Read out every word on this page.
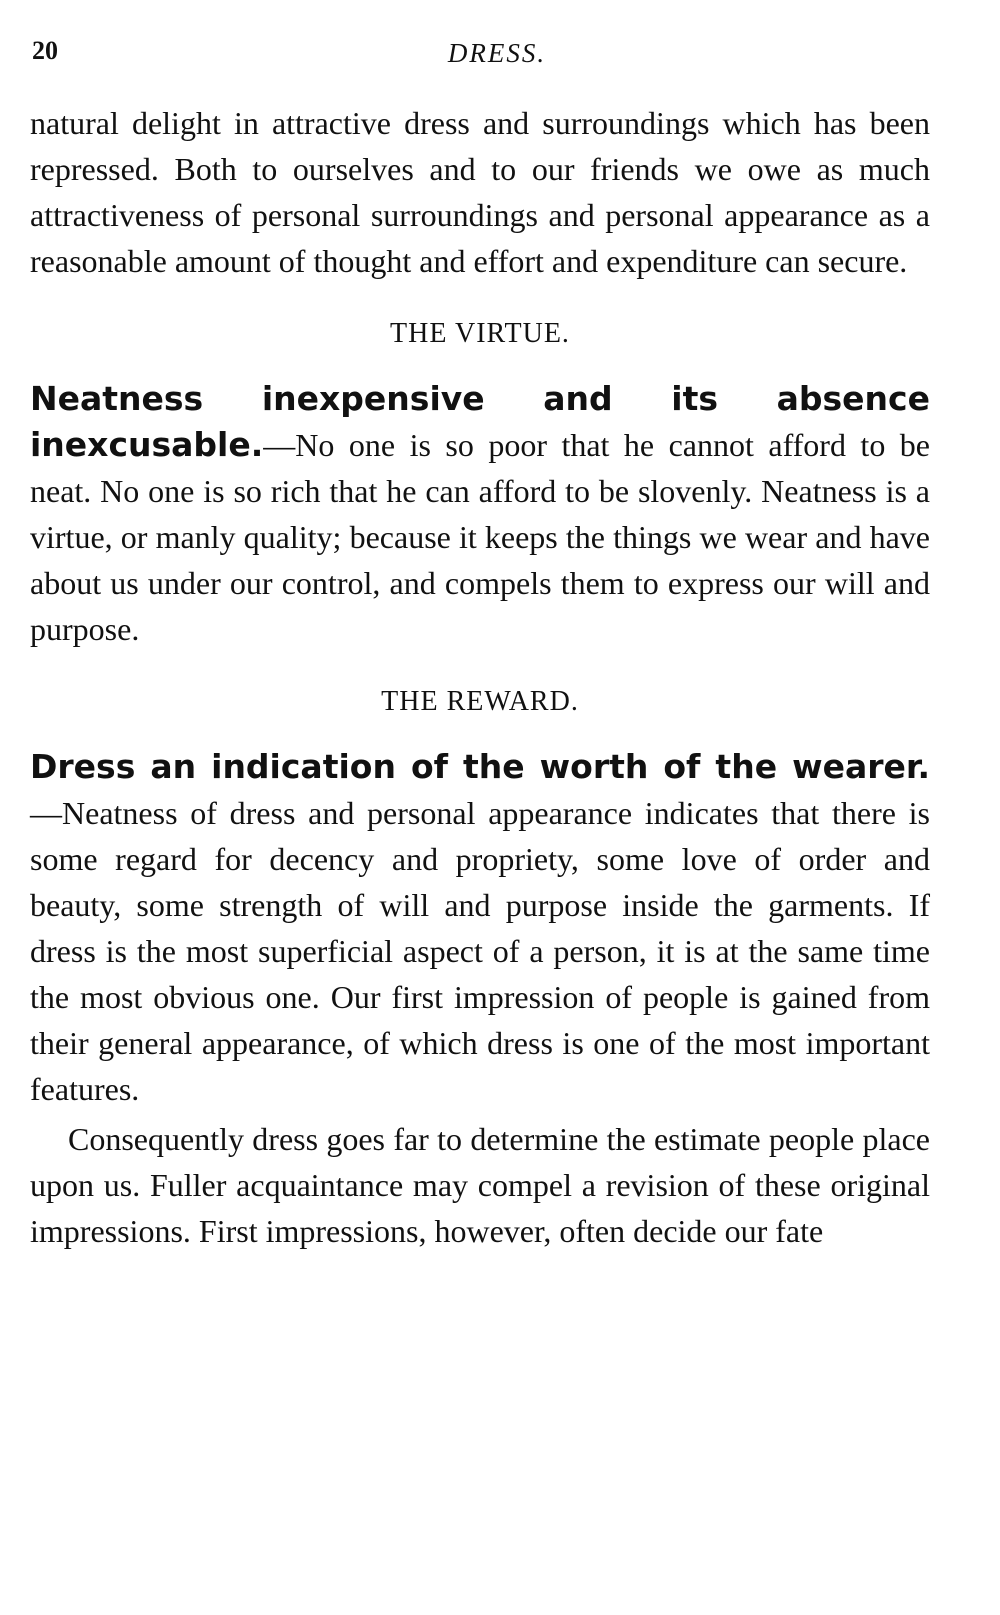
20	DRESS.

natural delight in attractive dress and surroundings which has been repressed. Both to ourselves and to our friends we owe as much attractiveness of personal surroundings and personal appearance as a reasonable amount of thought and effort and expenditure can secure.

THE VIRTUE.

Neatness inexpensive and its absence inexcusable.—No one is so poor that he cannot afford to be neat. No one is so rich that he can afford to be slovenly. Neatness is a virtue, or manly quality; because it keeps the things we wear and have about us under our control, and compels them to express our will and purpose.

THE REWARD.

Dress an indication of the worth of the wearer.—Neatness of dress and personal appearance indicates that there is some regard for decency and propriety, some love of order and beauty, some strength of will and purpose inside the garments. If dress is the most superficial aspect of a person, it is at the same time the most obvious one. Our first impression of people is gained from their general appearance, of which dress is one of the most important features.

Consequently dress goes far to determine the estimate people place upon us. Fuller acquaintance may compel a revision of these original impressions. First impressions, however, often decide our fate
